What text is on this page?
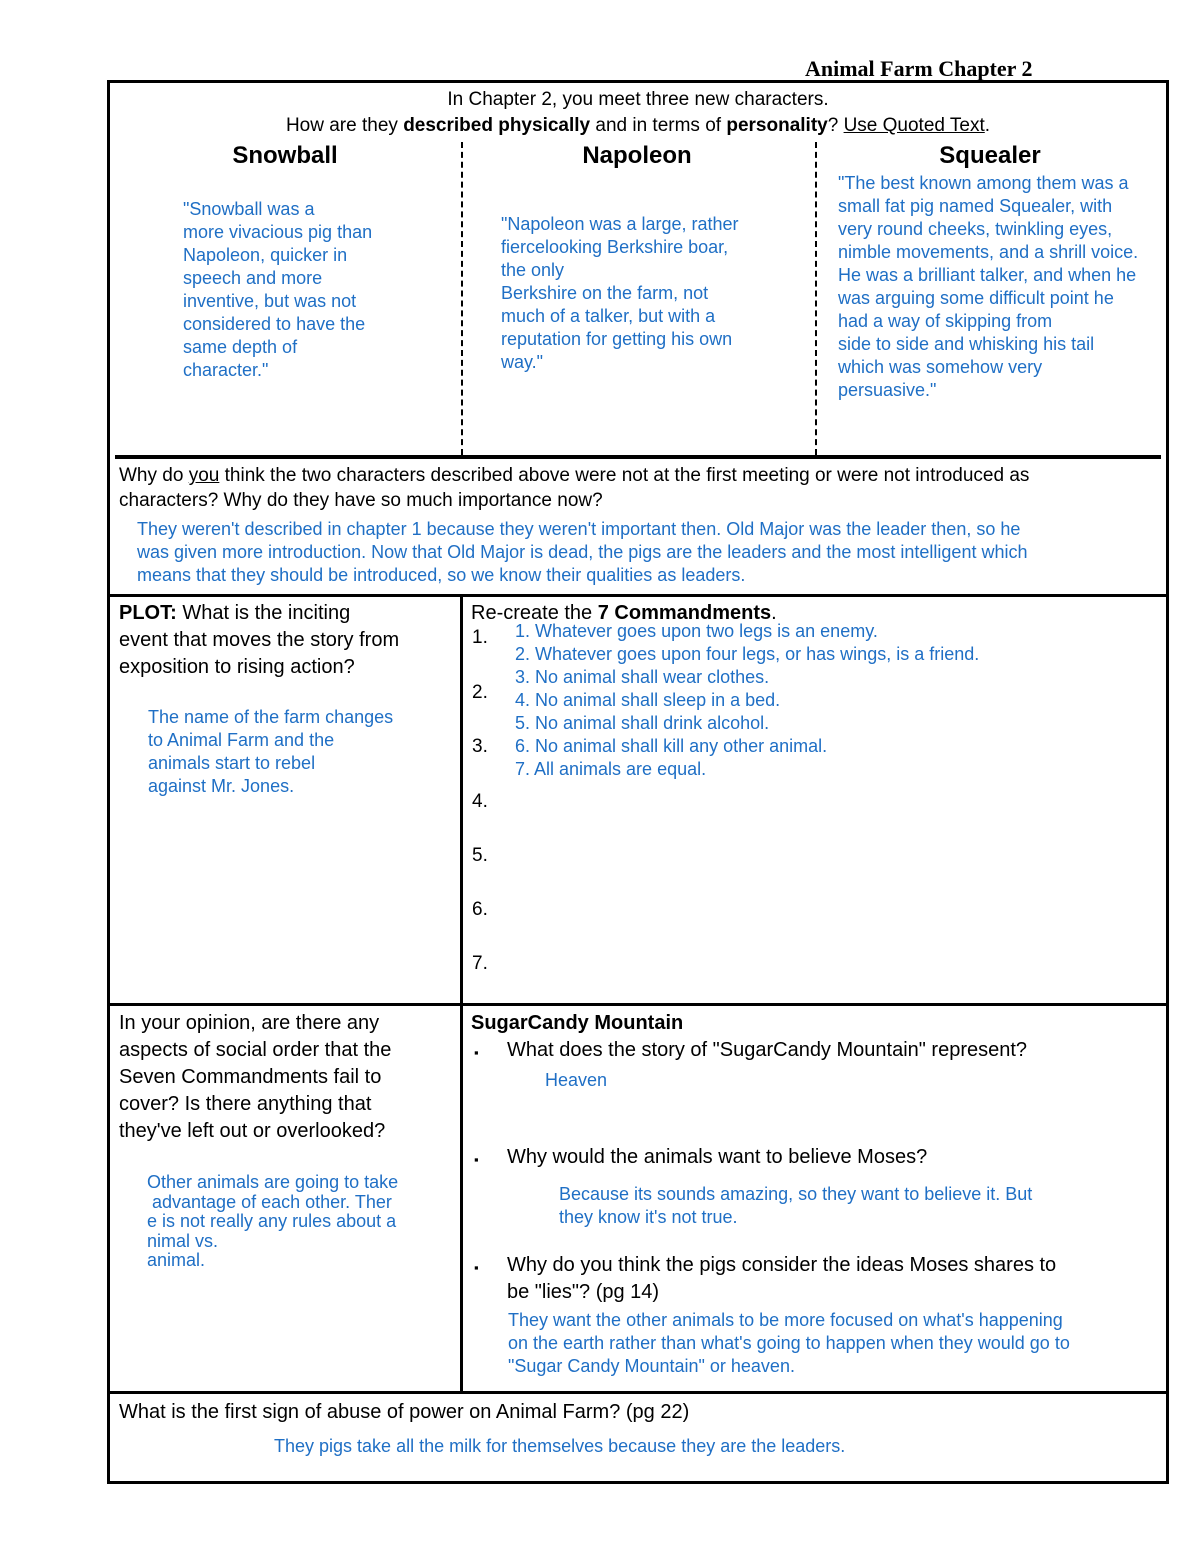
Animal Farm Chapter 2
In Chapter 2, you meet three new characters.
How are they described physically and in terms of personality? Use Quoted Text.
Snowball	Napoleon	Squealer
"Snowball was a
more vivacious pig than
Napoleon, quicker in
speech and more
inventive, but was not
considered to have the
same depth of
character."
"Napoleon was a large, rather
fiercelooking Berkshire boar,
the only
Berkshire on the farm, not
much of a talker, but with a
reputation for getting his own
way."
"The best known among them was a
small fat pig named Squealer, with
very round cheeks, twinkling eyes,
nimble movements, and a shrill voice.
He was a brilliant talker, and when he
was arguing some difficult point he
had a way of skipping from
side to side and whisking his tail
which was somehow very
persuasive."
Why do you think the two characters described above were not at the first meeting or were not introduced as
characters? Why do they have so much importance now?
They weren't described in chapter 1 because they weren't important then. Old Major was the leader then, so he
was given more introduction. Now that Old Major is dead, the pigs are the leaders and the most intelligent which
means that they should be introduced, so we know their qualities as leaders.
PLOT: What is the inciting
event that moves the story from
exposition to rising action?
The name of the farm changes
to Animal Farm and the
animals start to rebel
against Mr. Jones.
Re-create the 7 Commandments.
1.
2.
3.
4.
5.
6.
7.
1. Whatever goes upon two legs is an enemy.
2. Whatever goes upon four legs, or has wings, is a friend.
3. No animal shall wear clothes.
4. No animal shall sleep in a bed.
5. No animal shall drink alcohol.
6. No animal shall kill any other animal.
7. All animals are equal.
In your opinion, are there any
aspects of social order that the
Seven Commandments fail to
cover? Is there anything that
they've left out or overlooked?
Other animals are going to take
advantage of each other. Ther
e is not really any rules about a
nimal vs.
animal.
SugarCandy Mountain
▪ What does the story of "SugarCandy Mountain" represent?
Heaven
▪ Why would the animals want to believe Moses?
Because its sounds amazing, so they want to believe it. But
they know it's not true.
▪ Why do you think the pigs consider the ideas Moses shares to
be "lies"? (pg 14)
They want the other animals to be more focused on what's happening
on the earth rather than what's going to happen when they would go to
"Sugar Candy Mountain" or heaven.
What is the first sign of abuse of power on Animal Farm? (pg 22)
They pigs take all the milk for themselves because they are the leaders.
